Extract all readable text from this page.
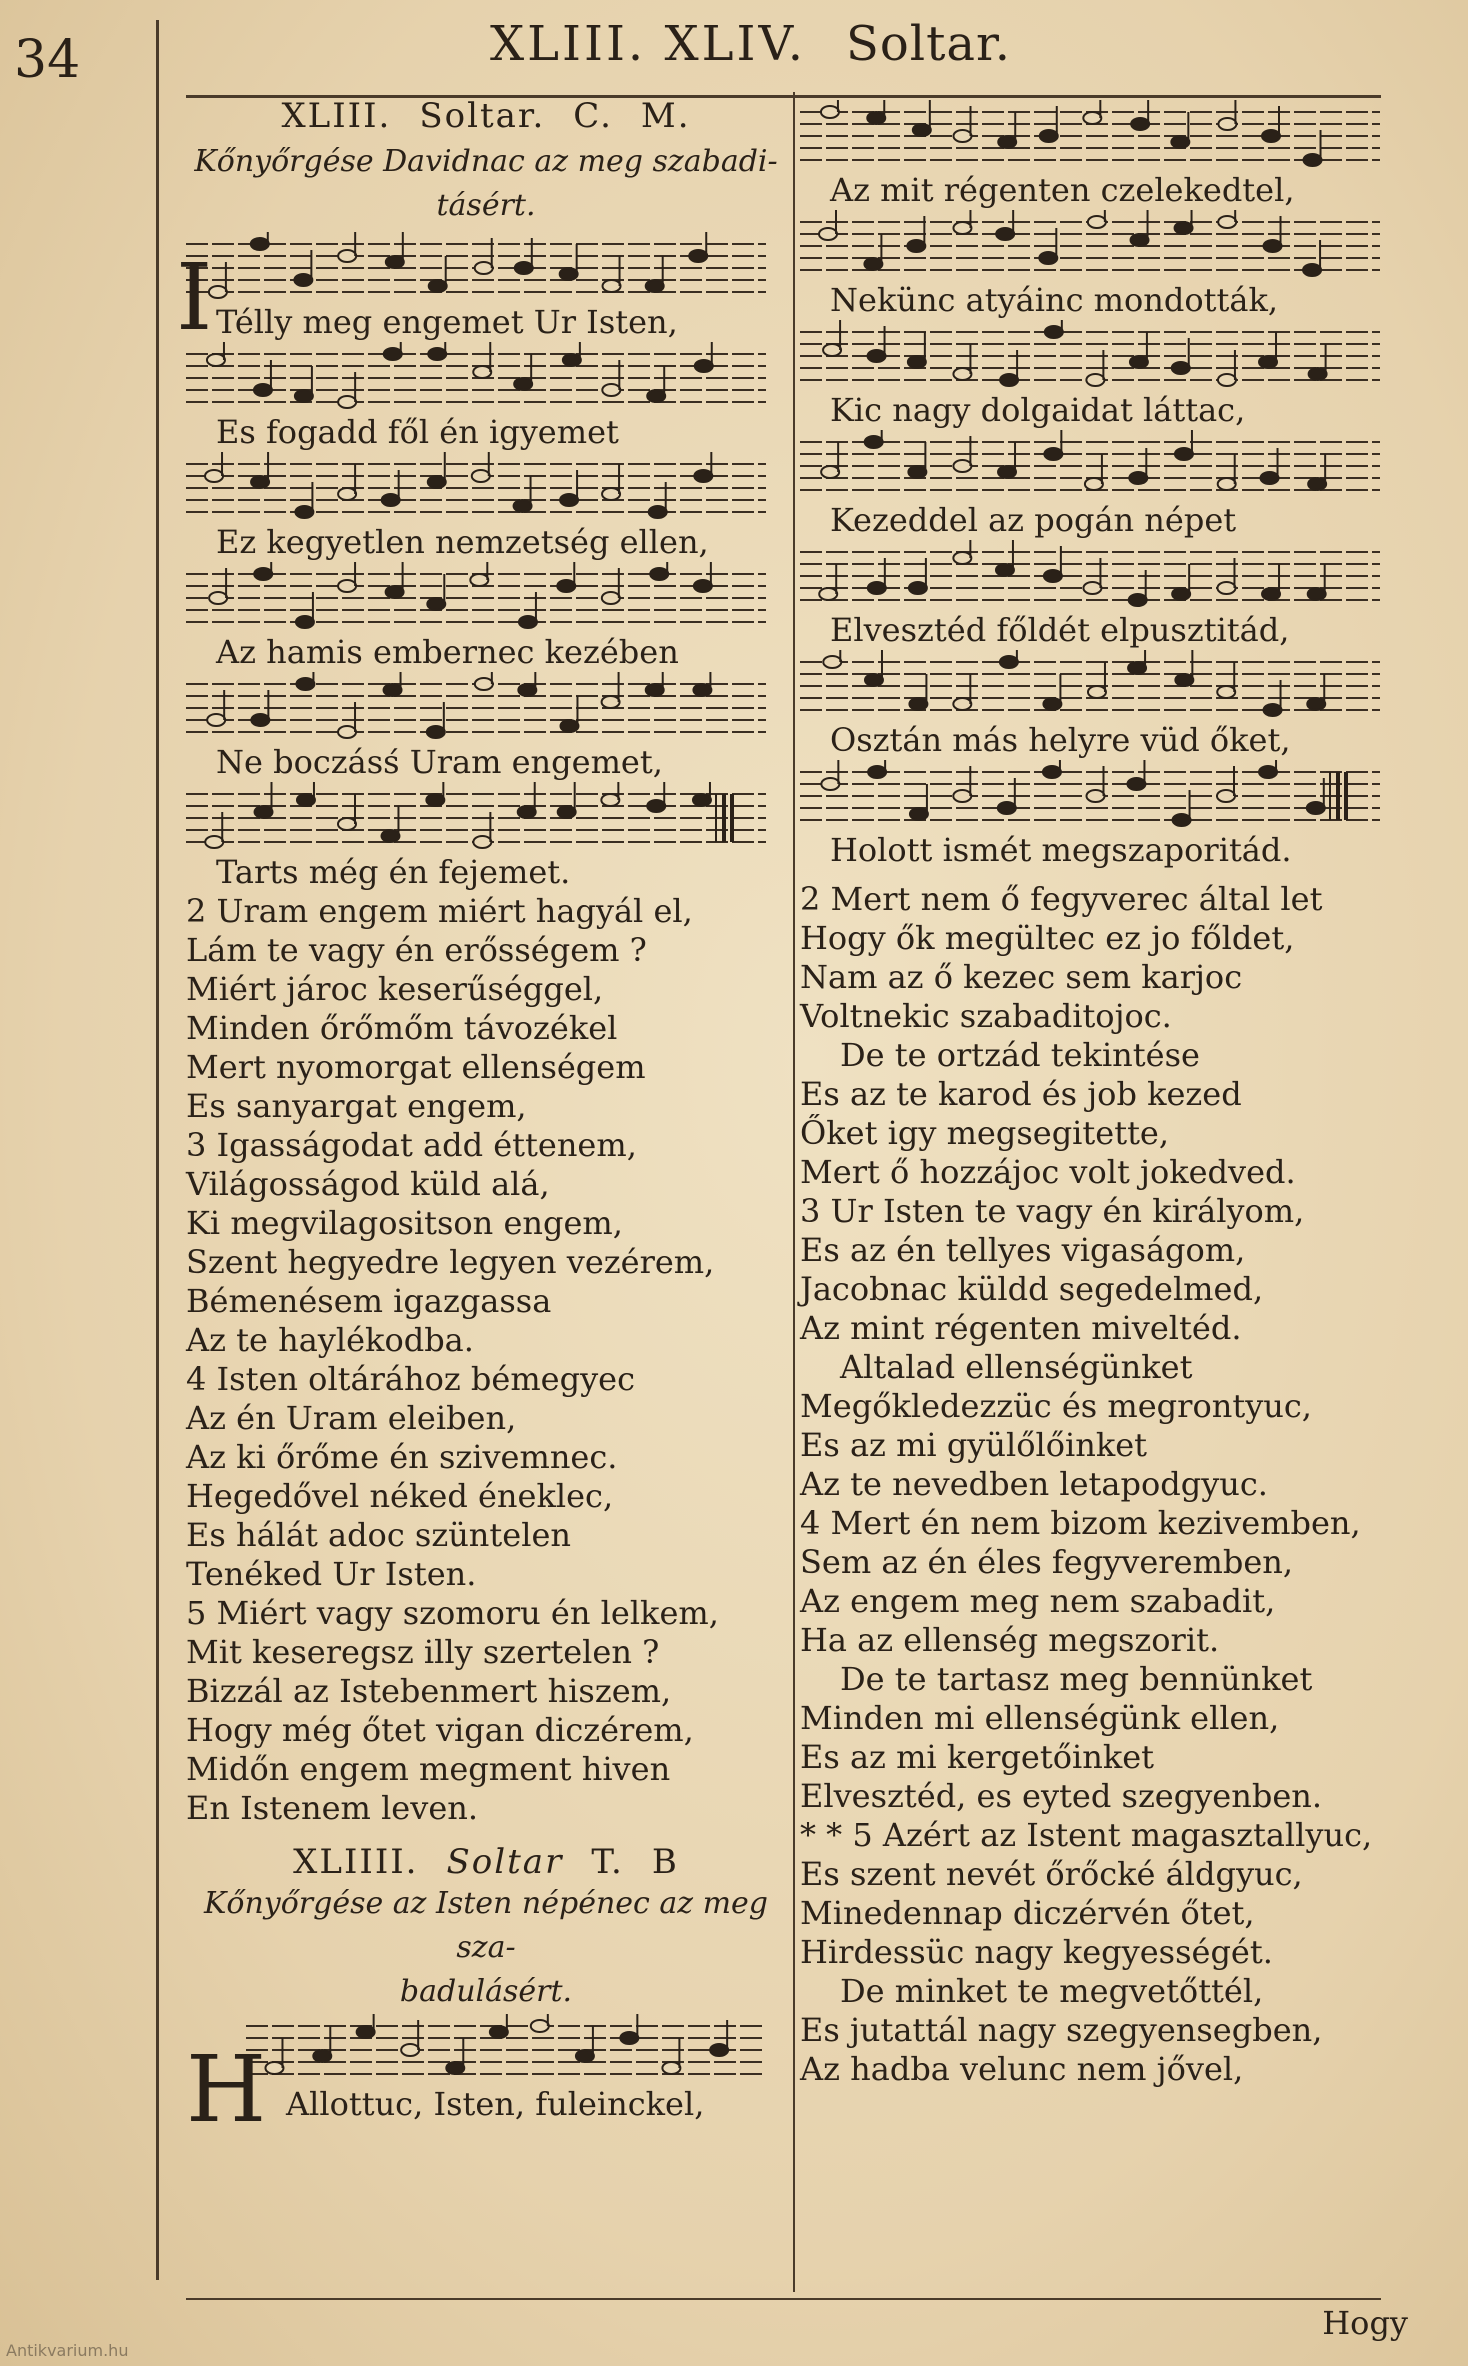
34	XLIII. XLIV. Soltar.
XLIII. Soltar. C. M.
Kőnyőrgése Davidnac az meg szabadi-
tásért.
Télly meg engemet Ur Isten,
Es fogadd fől én igyemet
Ez kegyetlen nemzetség ellen,
Az hamis embernec kezében
Ne boczásś Uram engemet,
Tarts még én fejemet.
I
2 Uram engem miért hagyál el,
Lám te vagy én erősségem ?
Miért jároc keserűséggel,
Minden őrőmőm távozékel
Mert nyomorgat ellenségem
Es sanyargat engem,
3 Igasságodat add éttenem,
Világosságod küld alá,
Ki megvilagositson engem,
Szent hegyedre legyen vezérem,
Bémenésem igazgassa
Az te haylékodba.
4 Isten oltárához bémegyec
Az én Uram eleiben,
Az ki őrőme én szivemnec.
Hegedővel néked éneklec,
Es hálát adoc szüntelen
Tenéked Ur Isten.
5 Miért vagy szomoru én lelkem,
Mit keseregsz illy szertelen ?
Bizzál az Istebenmert hiszem,
Hogy még őtet vigan diczérem,
Midőn engem megment hiven
En Istenem leven.
XLIIII. Soltar T. B
Kőnyőrgése az Isten népénec az meg sza-
badulásért.
Allottuc, Isten, fuleinckel,
H
Az mit régenten czelekedtel,
Nekünc atyáinc mondották,
Kic nagy dolgaidat láttac,
Kezeddel az pogán népet
Elvesztéd főldét elpusztitád,
Osztán más helyre vüd őket,
Holott ismét megszaporitád.
2 Mert nem ő fegyverec által let
Hogy ők megültec ez jo főldet,
Nam az ő kezec sem karjoc
Voltnekic szabaditojoc.
De te ortzád tekintése
Es az te karod és job kezed
Őket igy megsegitette,
Mert ő hozzájoc volt jokedved.
3 Ur Isten te vagy én királyom,
Es az én tellyes vigaságom,
Jacobnac küldd segedelmed,
Az mint régenten miveltéd.
Altalad ellenségünket
Megőkledezzüc és megrontyuc,
Es az mi gyülőlőinket
Az te nevedben letapodgyuc.
4 Mert én nem bizom kezivemben,
Sem az én éles fegyveremben,
Az engem meg nem szabadit,
Ha az ellenség megszorit.
De te tartasz meg bennünket
Minden mi ellenségünk ellen,
Es az mi kergetőinket
Elvesztéd, es eyted szegyenben.
* * 5 Azért az Istent magasztallyuc,
Es szent nevét őrőcké áldgyuc,
Minedennap diczérvén őtet,
Hirdessüc nagy kegyességét.
De minket te megvetőttél,
Es jutattál nagy szegyensegben,
Az hadba velunc nem jővel,
Hogy
Antikvarium.hu
